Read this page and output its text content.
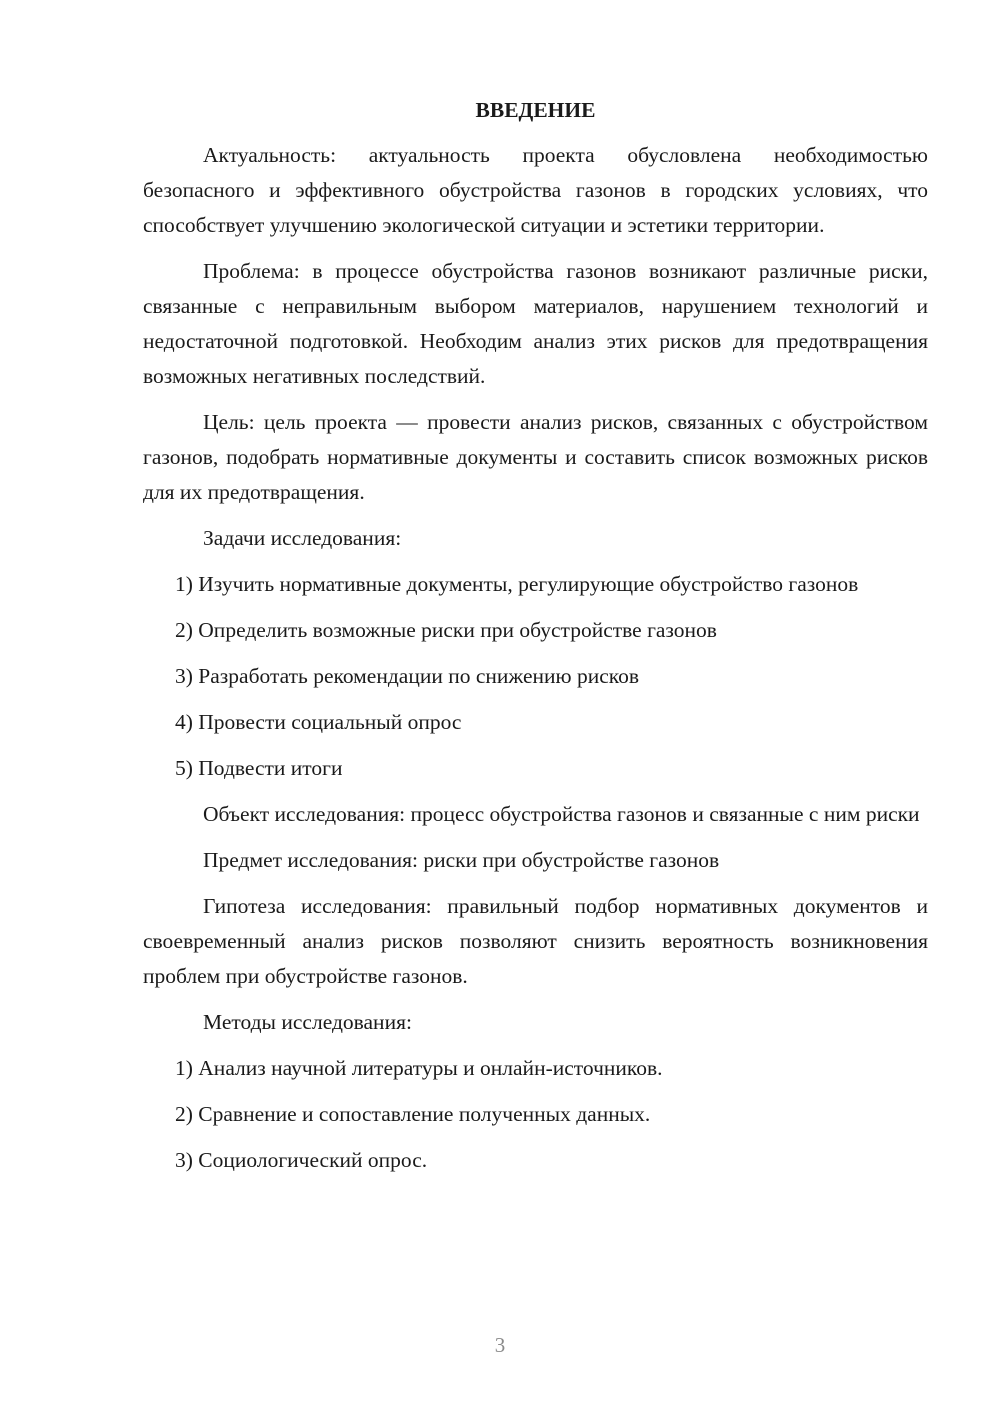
ВВЕДЕНИЕ

Актуальность: актуальность проекта обусловлена необходимостью безопасного и эффективного обустройства газонов в городских условиях, что способствует улучшению экологической ситуации и эстетики территории.

Проблема: в процессе обустройства газонов возникают различные риски, связанные с неправильным выбором материалов, нарушением технологий и недостаточной подготовкой. Необходим анализ этих рисков для предотвращения возможных негативных последствий.

Цель: цель проекта — провести анализ рисков, связанных с обустройством газонов, подобрать нормативные документы и составить список возможных рисков для их предотвращения.

Задачи исследования:

1) Изучить нормативные документы, регулирующие обустройство газонов

2) Определить возможные риски при обустройстве газонов

3) Разработать рекомендации по снижению рисков

4) Провести социальный опрос

5) Подвести итоги

Объект исследования: процесс обустройства газонов и связанные с ним риски

Предмет исследования: риски при обустройстве газонов

Гипотеза исследования: правильный подбор нормативных документов и своевременный анализ рисков позволяют снизить вероятность возникновения проблем при обустройстве газонов.

Методы исследования:

1) Анализ научной литературы и онлайн-источников.

2) Сравнение и сопоставление полученных данных.

3) Социологический опрос.

3
